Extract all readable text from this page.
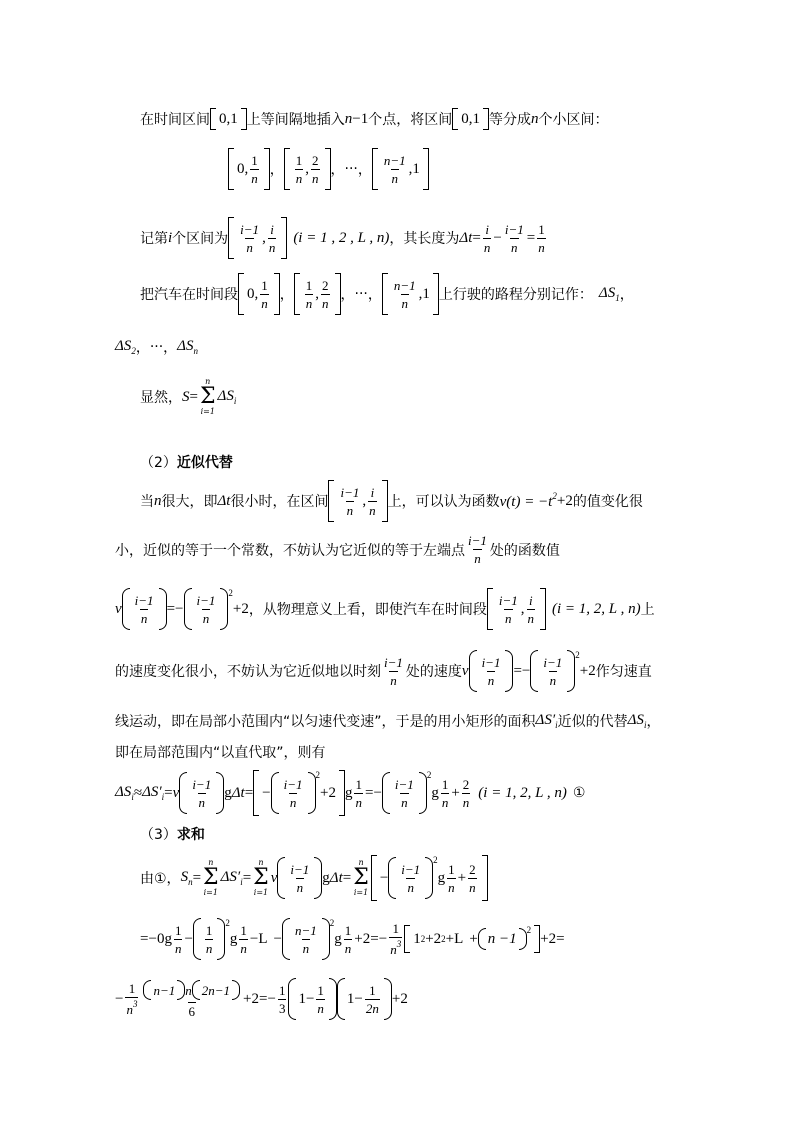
在时间区间 0 , 1 上等间隔地插入 n − 1 个点，将区间 0 , 1 等分成 n 个小区间：
0 , $\frac{1}{n}$ ， $\frac{1}{n}$ , $\frac{2}{n}$ ， ··· ， $\frac{n-1}{n}$ , 1
记第 i 个区间为 $\frac{i-1}{n}$ , $\frac{i}{n} (i = 1$ , 2 , L , n) ，其长度为 $\Delta t = \frac{i}{n} - \frac{i-1}{n} = \frac{1}{n}$
把汽车在时间段 0 , $\frac{1}{n}$ ， $\frac{1}{n}$ , $\frac{2}{n}$ ， ··· ， $\frac{n-1}{n}$ , 1 上行驶的路程分别记作： $\Delta S_1$ ，
$\Delta S_2$ ， ··· ， $\Delta S_n$
显然， S =
n
Σ
i=1
$\Delta S_i$
（2） 近似代替
当 n 很大，即 Δt 很小时，在区间 $\frac{i-1}{n}$ , $\frac{i}{n}$ 上，可以认为函数 $v(t) = -t^2 + 2$ 的值变化很
小，近似的等于一个常数，不妨认为它近似的等于左端点 $\frac{i-1}{n}$ 处的函数值
v $\frac{i-1}{n}$ = − $\frac{i-1}{n}$
2
+ 2 ，从物理意义上看，即使汽车在时间段 $\frac{i-1}{n}$ , $\frac{i}{n} (i = 1$, 2, L , n) 上
的速度变化很小，不妨认为它近似地以时刻 $\frac{i-1}{n}$ 处的速度 v $\frac{i-1}{n}$ = − $\frac{i-1}{n}$
2
+ 2 作匀速直
线运动，即在局部小范围内“以匀速代变速”，于是的用小矩形的面积 $\Delta S'_i$ 近似的代替 $\Delta S_i$ ，
即在局部范围内“以直代取”，则有
$\Delta S_i \approx \Delta S'_i = v \frac{i-1}{n}$ g Δt = − $\frac{i-1}{n}$
2
+ 2 g $\frac{1}{n}$ = − $\frac{i-1}{n}$
2
g $\frac{1}{n} + \frac{2}{n} (i = 1$, 2, L , n) ①
（3） 求和
由①， $S_n$ =
n
Σ
i=1
$\Delta S'_i$ =
n
Σ
i=1
v $\frac{i-1}{n}$ g Δt =
n
Σ
i=1
− $\frac{i-1}{n}$
2
g $\frac{1}{n} + \frac{2}{n}$
= − 0 g $\frac{1}{n} - \frac{1}{n}$
2
g $\frac{1}{n} - L - \frac{n-1}{n}$
2
g $\frac{1}{n} + 2$ = − $\frac{1}{n^3} 1$ 2 + 2 2 + L + n −1
2
+ 2 =
− $\frac{1}{n^3} \frac{n-1 n 2n-1}{6} + 2$ = − $\frac{1}{3} 1 - \frac{1}{n} 1 - \frac{1}{2n} + 2$
